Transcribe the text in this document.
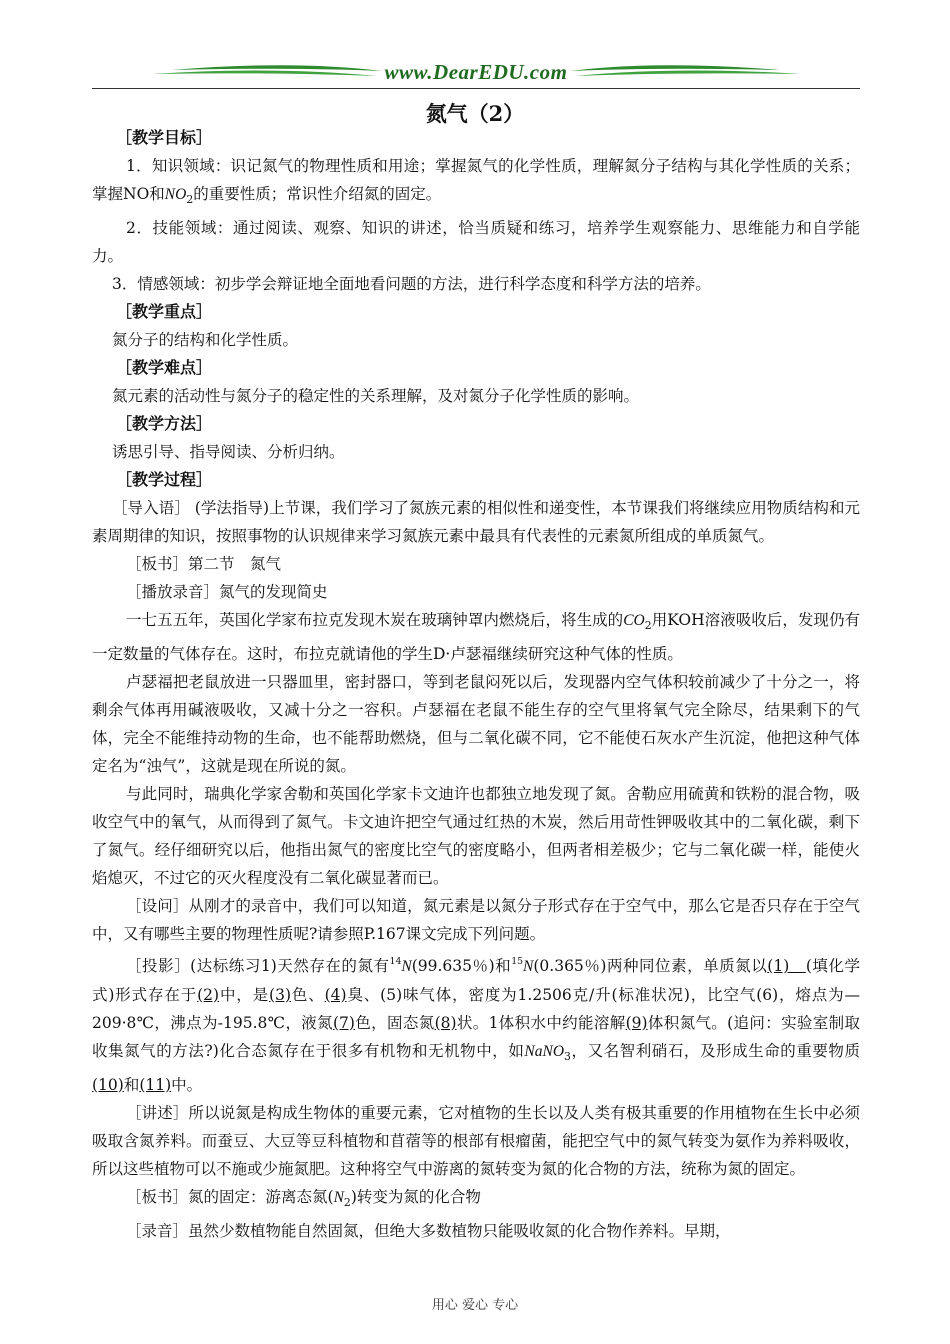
www.DearEDU.com
氮气（2）

［教学目标］

1．知识领域：识记氮气的物理性质和用途；掌握氮气的化学性质，理解氮分子结构与其化学性质的关系；掌握NO和$NO_2$的重要性质；常识性介绍氮的固定。

2．技能领域：通过阅读、观察、知识的讲述，恰当质疑和练习，培养学生观察能力、思维能力和自学能力。

3．情感领域：初步学会辩证地全面地看问题的方法，进行科学态度和科学方法的培养。

［教学重点］

氮分子的结构和化学性质。

［教学难点］

氮元素的活动性与氮分子的稳定性的关系理解，及对氮分子化学性质的影响。

［教学方法］

诱思引导、指导阅读、分析归纳。

［教学过程］

［导入语］ (学法指导)上节课，我们学习了氮族元素的相似性和递变性，本节课我们将继续应用物质结构和元素周期律的知识，按照事物的认识规律来学习氮族元素中最具有代表性的元素氮所组成的单质氮气。

［板书］第二节　氮气

［播放录音］氮气的发现简史

一七五五年，英国化学家布拉克发现木炭在玻璃钟罩内燃烧后，将生成的$CO_2$用KOH溶液吸收后，发现仍有一定数量的气体存在。这时，布拉克就请他的学生D·卢瑟福继续研究这种气体的性质。

卢瑟福把老鼠放进一只器皿里，密封器口，等到老鼠闷死以后，发现器内空气体积较前减少了十分之一，将剩余气体再用碱液吸收，又减十分之一容积。卢瑟福在老鼠不能生存的空气里将氧气完全除尽，结果剩下的气体，完全不能维持动物的生命，也不能帮助燃烧，但与二氧化碳不同，它不能使石灰水产生沉淀，他把这种气体定名为“浊气”，这就是现在所说的氮。

与此同时，瑞典化学家舍勒和英国化学家卡文迪许也都独立地发现了氮。舍勒应用硫黄和铁粉的混合物，吸收空气中的氧气，从而得到了氮气。卡文迪许把空气通过红热的木炭，然后用苛性钾吸收其中的二氧化碳，剩下了氮气。经仔细研究以后，他指出氮气的密度比空气的密度略小，但两者相差极少；它与二氧化碳一样，能使火焰熄灭，不过它的灭火程度没有二氧化碳显著而已。

［设问］从刚才的录音中，我们可以知道，氮元素是以氮分子形式存在于空气中，那么它是否只存在于空气中，又有哪些主要的物理性质呢?请参照P.167课文完成下列问题。

［投影］(达标练习1)天然存在的氮有$^{14}$N(99.635％)和$^{15}$N(0.365％)两种同位素，单质氮以(1)　(填化学式)形式存在于(2)中，是(3)色、(4)臭、(5)味气体，密度为1.2506克/升(标准状况)，比空气(6)，熔点为—209·8℃，沸点为-195.8℃，液氮(7)色，固态氮(8)状。1体积水中约能溶解(9)体积氮气。(追问：实验室制取收集氮气的方法?)化合态氮存在于很多有机物和无机物中，如NaNO$_3$，又名智利硝石，及形成生命的重要物质(10)和(11)中。

［讲述］所以说氮是构成生物体的重要元素，它对植物的生长以及人类有极其重要的作用植物在生长中必须吸取含氮养料。而蚕豆、大豆等豆科植物和苜蓿等的根部有根瘤菌，能把空气中的氮气转变为氨作为养料吸收，所以这些植物可以不施或少施氮肥。这种将空气中游离的氮转变为氮的化合物的方法，统称为氮的固定。

［板书］氮的固定：游离态氮$(N_2)$转变为氮的化合物

［录音］虽然少数植物能自然固氮，但绝大多数植物只能吸收氮的化合物作养料。早期，

用心 爱心 专心
